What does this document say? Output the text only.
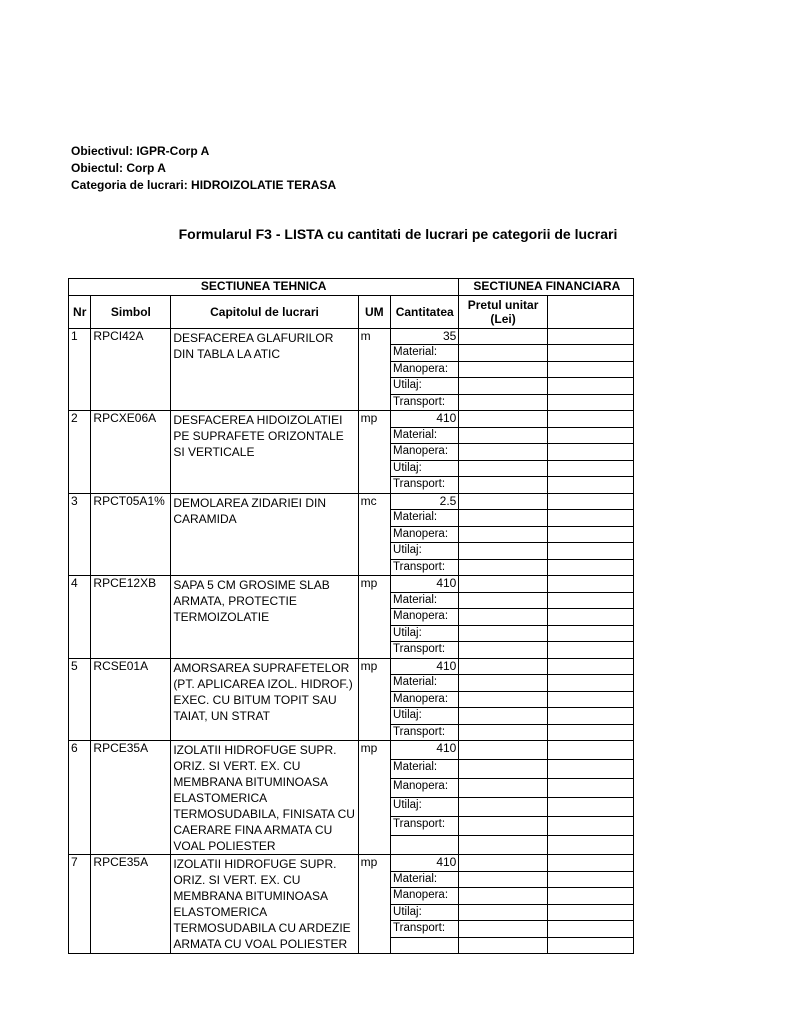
Obiectivul: IGPR-Corp A
Obiectul: Corp A
Categoria de lucrari: HIDROIZOLATIE TERASA
Formularul F3 - LISTA cu cantitati de lucrari pe categorii de lucrari
SECTIUNEA TEHNICA					SECTIUNEA FINANCIARA	
Nr	Simbol	Capitolul de lucrari	UM	Cantitatea	Pretul unitar (Lei)	
1	RPCI42A	DESFACEREA GLAFURILOR DIN TABLA LA ATIC	m	35		
				Material:		
				Manopera:		
				Utilaj:		
				Transport:		
2	RPCXE06A	DESFACEREA HIDOIZOLATIEI PE SUPRAFETE ORIZONTALE SI VERTICALE	mp	410		
				Material:		
				Manopera:		
				Utilaj:		
				Transport:		
3	RPCT05A1%	DEMOLAREA ZIDARIEI DIN CARAMIDA	mc	2.5		
				Material:		
				Manopera:		
				Utilaj:		
				Transport:		
4	RPCE12XB	SAPA 5 CM GROSIME SLAB ARMATA, PROTECTIE TERMOIZOLATIE	mp	410		
				Material:		
				Manopera:		
				Utilaj:		
				Transport:		
5	RCSE01A	AMORSAREA SUPRAFETELOR (PT. APLICAREA IZOL. HIDROF.) EXEC. CU BITUM TOPIT SAU TAIAT, UN STRAT	mp	410		
				Material:		
				Manopera:		
				Utilaj:		
				Transport:		
6	RPCE35A	IZOLATII HIDROFUGE SUPR. ORIZ. SI VERT. EX. CU MEMBRANA BITUMINOASA ELASTOMERICA TERMOSUDABILA, FINISATA CU CAERARE FINA ARMATA CU VOAL POLIESTER	mp	410		
				Material:		
				Manopera:		
				Utilaj:		
				Transport:		

7	RPCE35A	IZOLATII HIDROFUGE SUPR. ORIZ. SI VERT. EX. CU MEMBRANA BITUMINOASA ELASTOMERICA TERMOSUDABILA CU ARDEZIE ARMATA CU VOAL POLIESTER	mp	410		
				Material:		
				Manopera:		
				Utilaj:		
				Transport:		
